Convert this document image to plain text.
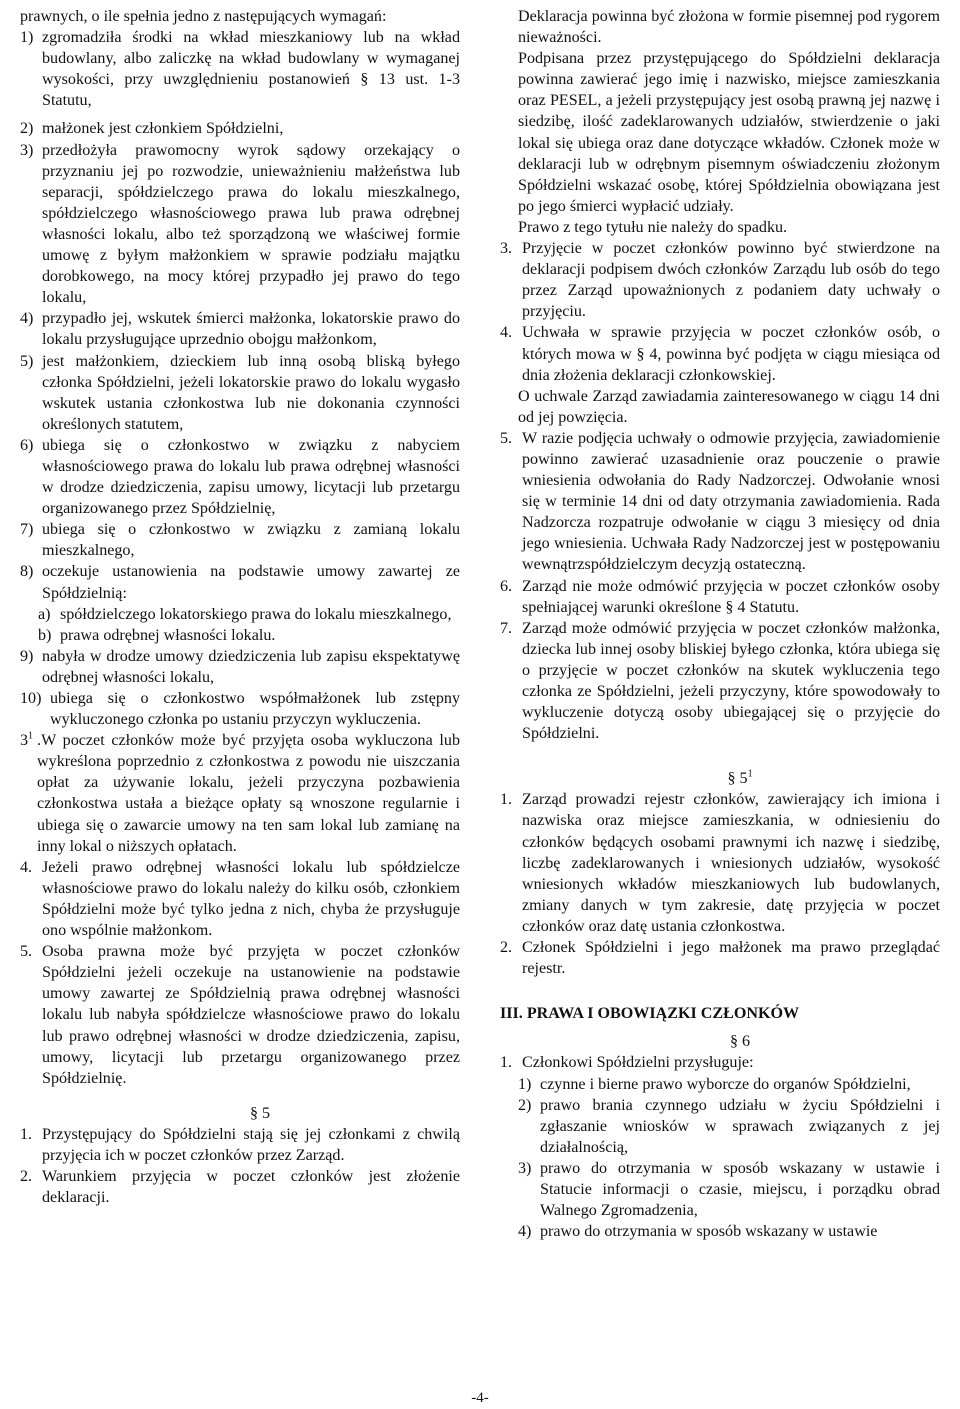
prawnych, o ile spełnia jedno z następujących wymagań:

1) zgromadziła środki na wkład mieszkaniowy lub na wkład budowlany, albo zaliczkę na wkład budowlany w wymaganej wysokości, przy uwzględnieniu postanowień § 13 ust. 1-3 Statutu,
2) małżonek jest członkiem Spółdzielni,
3) przedłożyła prawomocny wyrok sądowy orzekający o przyznaniu jej po rozwodzie, unieważnieniu małżeństwa lub separacji, spółdzielczego prawa do lokalu mieszkalnego, spółdzielczego własnościowego prawa lub prawa odrębnej własności lokalu, albo też sporządzoną we właściwej formie umowę z byłym małżonkiem w sprawie podziału majątku dorobkowego, na mocy której przypadło jej prawo do tego lokalu,
4) przypadło jej, wskutek śmierci małżonka, lokatorskie prawo do lokalu przysługujące uprzednio obojgu małżonkom,
5) jest małżonkiem, dzieckiem lub inną osobą bliską byłego członka Spółdzielni, jeżeli lokatorskie prawo do lokalu wygasło wskutek ustania członkostwa lub nie dokonania czynności określonych statutem,
6) ubiega się o członkostwo w związku z nabyciem własnościowego prawa do lokalu lub prawa odrębnej własności w drodze dziedziczenia, zapisu umowy, licytacji lub przetargu organizowanego przez Spółdzielnię,
7) ubiega się o członkostwo w związku z zamianą lokalu mieszkalnego,
8) oczekuje ustanowienia na podstawie umowy zawartej ze Spółdzielnią:
a) spółdzielczego lokatorskiego prawa do lokalu mieszkalnego,
b) prawa odrębnej własności lokalu.
9) nabyła w drodze umowy dziedziczenia lub zapisu ekspektatywę odrębnej własności lokalu,
10) ubiega się o członkostwo współmałżonek lub zstępny wykluczonego członka po ustaniu przyczyn wykluczenia.
$3^1$ .W poczet członków może być przyjęta osoba wykluczona lub wykreślona poprzednio z członkostwa z powodu nie uiszczania opłat za używanie lokalu, jeżeli przyczyna pozbawienia członkostwa ustała a bieżące opłaty są wnoszone regularnie i ubiega się o zawarcie umowy na ten sam lokal lub zamianę na inny lokal o niższych opłatach.
4. Jeżeli prawo odrębnej własności lokalu lub spółdzielcze własnościowe prawo do lokalu należy do kilku osób, członkiem Spółdzielni może być tylko jedna z nich, chyba że przysługuje ono wspólnie małżonkom.
5. Osoba prawna może być przyjęta w poczet członków Spółdzielni jeżeli oczekuje na ustanowienie na podstawie umowy zawartej ze Spółdzielnią prawa odrębnej własności lokalu lub nabyła spółdzielcze własnościowe prawo do lokalu lub prawo odrębnej własności w drodze dziedziczenia, zapisu, umowy, licytacji lub przetargu organizowanego przez Spółdzielnię.

§ 5

1. Przystępujący do Spółdzielni stają się jej członkami z chwilą przyjęcia ich w poczet członków przez Zarząd.
2. Warunkiem przyjęcia w poczet członków jest złożenie deklaracji.

Deklaracja powinna być złożona w formie pisemnej pod rygorem nieważności.

Podpisana przez przystępującego do Spółdzielni deklaracja powinna zawierać jego imię i nazwisko, miejsce zamieszkania oraz PESEL, a jeżeli przystępujący jest osobą prawną jej nazwę i siedzibę, ilość zadeklarowanych udziałów, stwierdzenie o jaki lokal się ubiega oraz dane dotyczące wkładów. Członek może w deklaracji lub w odrębnym pisemnym oświadczeniu złożonym Spółdzielni wskazać osobę, której Spółdzielnia obowiązana jest po jego śmierci wypłacić udziały.

Prawo z tego tytułu nie należy do spadku.

3. Przyjęcie w poczet członków powinno być stwierdzone na deklaracji podpisem dwóch członków Zarządu lub osób do tego przez Zarząd upoważnionych z podaniem daty uchwały o przyjęciu.
4. Uchwała w sprawie przyjęcia w poczet członków osób, o których mowa w § 4, powinna być podjęta w ciągu miesiąca od dnia złożenia deklaracji członkowskiej.

O uchwale Zarząd zawiadamia zainteresowanego w ciągu 14 dni od jej powzięcia.

5. W razie podjęcia uchwały o odmowie przyjęcia, zawiadomienie powinno zawierać uzasadnienie oraz pouczenie o prawie wniesienia odwołania do Rady Nadzorczej. Odwołanie wnosi się w terminie 14 dni od daty otrzymania zawiadomienia. Rada Nadzorcza rozpatruje odwołanie w ciągu 3 miesięcy od dnia jego wniesienia. Uchwała Rady Nadzorczej jest w postępowaniu wewnątrzspółdzielczym decyzją ostateczną.
6. Zarząd nie może odmówić przyjęcia w poczet członków osoby spełniającej warunki określone § 4 Statutu.
7. Zarząd może odmówić przyjęcia w poczet członków małżonka, dziecka lub innej osoby bliskiej byłego członka, która ubiega się o przyjęcie w poczet członków na skutek wykluczenia tego członka ze Spółdzielni, jeżeli przyczyny, które spowodowały to wykluczenie dotyczą osoby ubiegającej się o przyjęcie do Spółdzielni.

§ $5^1$

1. Zarząd prowadzi rejestr członków, zawierający ich imiona i nazwiska oraz miejsce zamieszkania, w odniesieniu do członków będących osobami prawnymi ich nazwę i siedzibę, liczbę zadeklarowanych i wniesionych udziałów, wysokość wniesionych wkładów mieszkaniowych lub budowlanych, zmiany danych w tym zakresie, datę przyjęcia w poczet członków oraz datę ustania członkostwa.
2. Członek Spółdzielni i jego małżonek ma prawo przeglądać rejestr.

III. PRAWA I OBOWIĄZKI CZŁONKÓW

§ 6

1. Członkowi Spółdzielni przysługuje:
1) czynne i bierne prawo wyborcze do organów Spółdzielni,
2) prawo brania czynnego udziału w życiu Spółdzielni i zgłaszanie wniosków w sprawach związanych z jej działalnością,
3) prawo do otrzymania w sposób wskazany w ustawie i Statucie informacji o czasie, miejscu, i porządku obrad Walnego Zgromadzenia,
4) prawo do otrzymania w sposób wskazany w ustawie
-4-
